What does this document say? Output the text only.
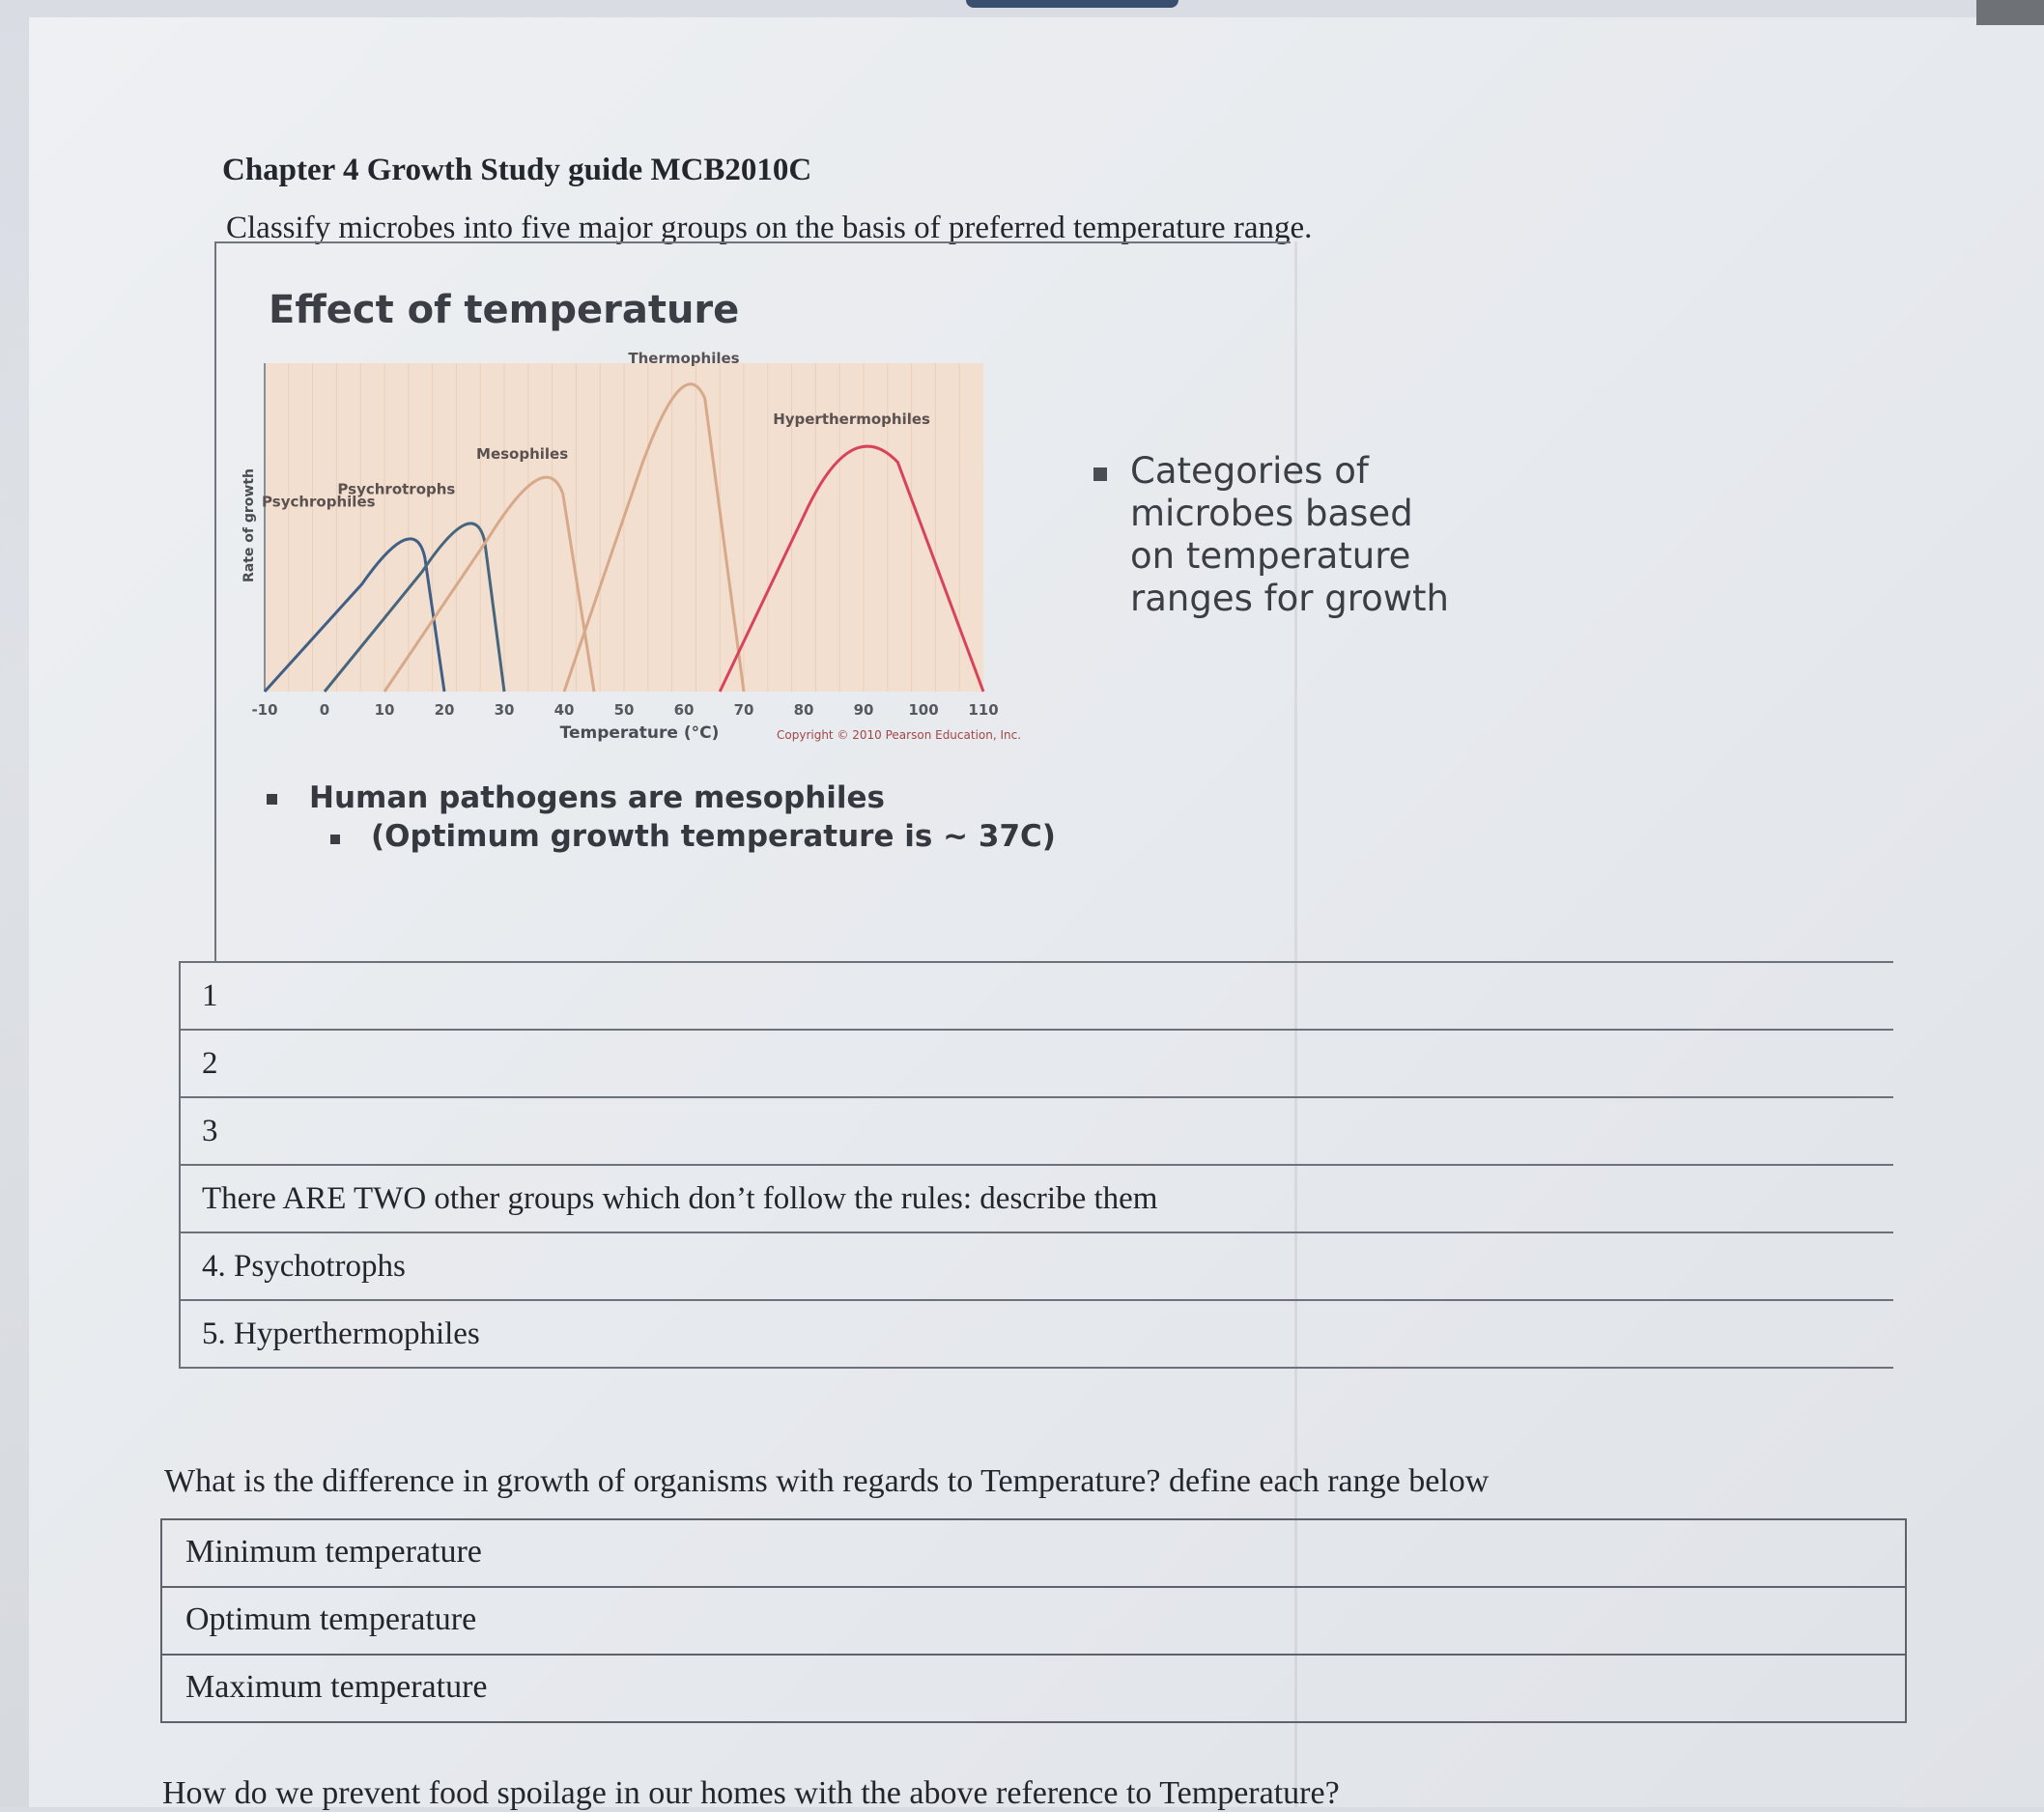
Chapter 4 Growth Study guide MCB2010C
Classify microbes into five major groups on the basis of preferred temperature range.
Effect of temperature
Psychrophiles
Psychrotrophs
Mesophiles
Thermophiles
Hyperthermophiles
-10	0	10	20	30	40	50	60	70	80	90 100 110
Temperature (°C)
Rate of growth
Copyright © 2010 Pearson Education, Inc.
Categories of microbes based on temperature ranges for growth
Human pathogens are mesophiles
(Optimum growth temperature is ~ 37C)
1
2
3
There ARE TWO other groups which don’t follow the rules: describe them
4. Psychotrophs
5. Hyperthermophiles
What is the difference in growth of organisms with regards to Temperature? define each range below
Minimum temperature
Optimum temperature
Maximum temperature
How do we prevent food spoilage in our homes with the above reference to Temperature?
